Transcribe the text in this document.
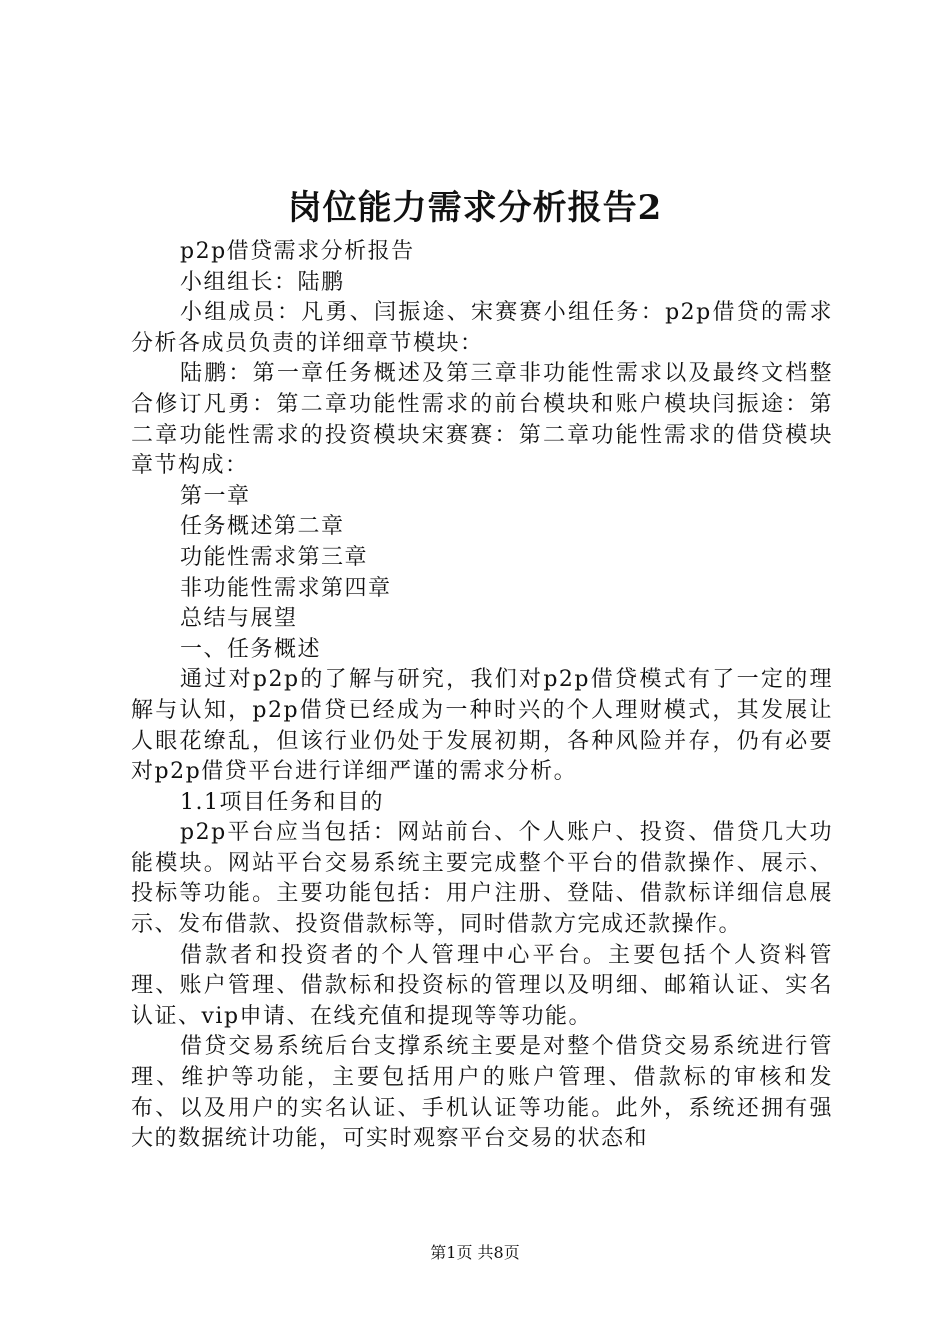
岗位能力需求分析报告2

p2p借贷需求分析报告

小组组长：陆鹏

小组成员：凡勇、闫振途、宋赛赛小组任务：p2p借贷的需求分析各成员负责的详细章节模块：

陆鹏：第一章任务概述及第三章非功能性需求以及最终文档整合修订凡勇：第二章功能性需求的前台模块和账户模块闫振途：第二章功能性需求的投资模块宋赛赛：第二章功能性需求的借贷模块章节构成：

第一章

任务概述第二章

功能性需求第三章

非功能性需求第四章

总结与展望

一、任务概述

通过对p2p的了解与研究，我们对p2p借贷模式有了一定的理解与认知，p2p借贷已经成为一种时兴的个人理财模式，其发展让人眼花缭乱，但该行业仍处于发展初期，各种风险并存，仍有必要对p2p借贷平台进行详细严谨的需求分析。

1.1项目任务和目的

p2p平台应当包括：网站前台、个人账户、投资、借贷几大功能模块。网站平台交易系统主要完成整个平台的借款操作、展示、投标等功能。主要功能包括：用户注册、登陆、借款标详细信息展示、发布借款、投资借款标等，同时借款方完成还款操作。

借款者和投资者的个人管理中心平台。主要包括个人资料管理、账户管理、借款标和投资标的管理以及明细、邮箱认证、实名认证、vip申请、在线充值和提现等等功能。

借贷交易系统后台支撑系统主要是对整个借贷交易系统进行管理、维护等功能，主要包括用户的账户管理、借款标的审核和发布、以及用户的实名认证、手机认证等功能。此外，系统还拥有强大的数据统计功能，可实时观察平台交易的状态和

第1页 共8页
